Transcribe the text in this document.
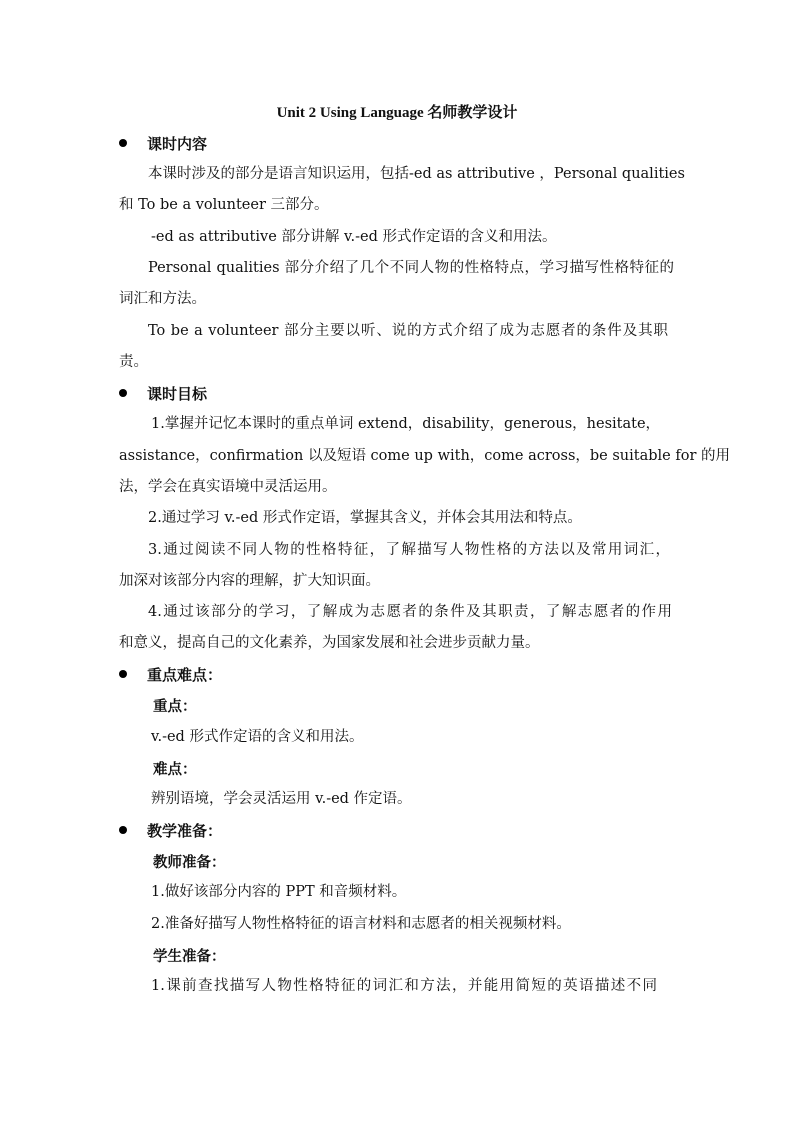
Unit 2 Using Language 名师教学设计
课时内容
本课时涉及的部分是语言知识运用，包括-ed as attributive ，Personal qualities
和 To be a volunteer 三部分。
-ed as attributive 部分讲解 v.-ed 形式作定语的含义和用法。
Personal qualities 部分介绍了几个不同人物的性格特点，学习描写性格特征的
词汇和方法。
To be a volunteer 部分主要以听、说的方式介绍了成为志愿者的条件及其职
责。
课时目标
1.掌握并记忆本课时的重点单词 extend，disability，generous，hesitate，
assistance，confirmation 以及短语 come up with，come across，be suitable for 的用
法，学会在真实语境中灵活运用。
2.通过学习 v.-ed 形式作定语，掌握其含义，并体会其用法和特点。
3.通过阅读不同人物的性格特征，了解描写人物性格的方法以及常用词汇，
加深对该部分内容的理解，扩大知识面。
4.通过该部分的学习，了解成为志愿者的条件及其职责，了解志愿者的作用
和意义，提高自己的文化素养，为国家发展和社会进步贡献力量。
重点难点：
重点：
v.-ed 形式作定语的含义和用法。
难点：
辨别语境，学会灵活运用 v.-ed 作定语。
教学准备：
教师准备：
1.做好该部分内容的 PPT 和音频材料。
2.准备好描写人物性格特征的语言材料和志愿者的相关视频材料。
学生准备：
1.课前查找描写人物性格特征的词汇和方法，并能用简短的英语描述不同
